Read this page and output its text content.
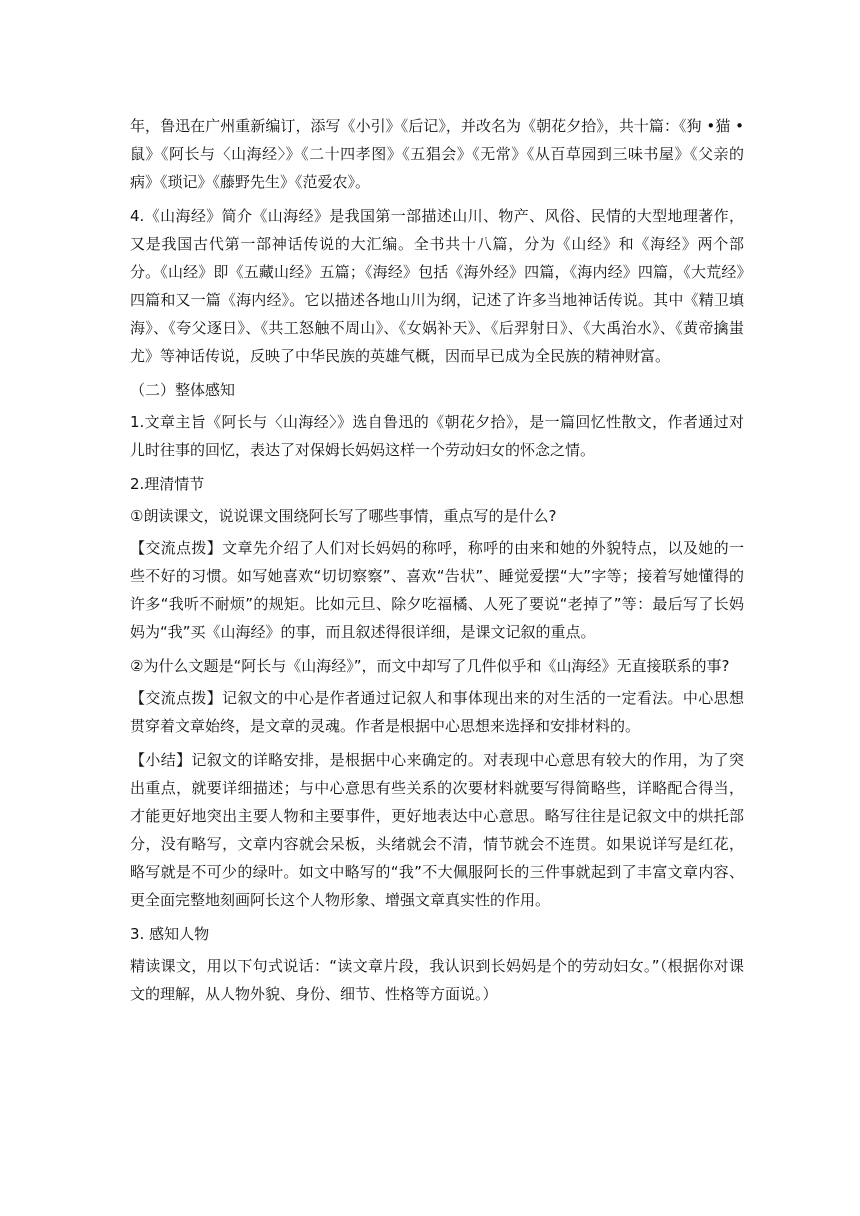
年，鲁迅在广州重新编订，添写《小引》《后记》，并改名为《朝花夕拾》，共十篇：《狗 •猫 •鼠》《阿长与〈山海经〉》《二十四孝图》《五猖会》《无常》《从百草园到三味书屋》《父亲的病》《琐记》《藤野先生》《范爱农》。

4.《山海经》简介《山海经》是我国第一部描述山川、物产、风俗、民情的大型地理著作，又是我国古代第一部神话传说的大汇编。全书共十八篇，分为《山经》和《海经》两个部分。《山经》即《五藏山经》五篇；《海经》包括《海外经》四篇，《海内经》四篇，《大荒经》四篇和又一篇《海内经》。它以描述各地山川为纲，记述了许多当地神话传说。其中《精卫填海》、《夸父逐日》、《共工怒触不周山》、《女娲补天》、《后羿射日》、《大禹治水》、《黄帝擒蚩尤》等神话传说，反映了中华民族的英雄气概，因而早已成为全民族的精神财富。

（二）整体感知

1.文章主旨《阿长与〈山海经〉》选自鲁迅的《朝花夕拾》，是一篇回忆性散文，作者通过对儿时往事的回忆，表达了对保姆长妈妈这样一个劳动妇女的怀念之情。

2.理清情节

①朗读课文，说说课文围绕阿长写了哪些事情，重点写的是什么?

【交流点拨】文章先介绍了人们对长妈妈的称呼，称呼的由来和她的外貌特点，以及她的一些不好的习惯。如写她喜欢“切切察察”、喜欢“告状”、睡觉爱摆“大”字等；接着写她懂得的许多“我听不耐烦”的规矩。比如元旦、除夕吃福橘、人死了要说“老掉了”等：最后写了长妈妈为“我”买《山海经》的事，而且叙述得很详细，是课文记叙的重点。

②为什么文题是“阿长与《山海经》”，而文中却写了几件似乎和《山海经》无直接联系的事?

【交流点拨】记叙文的中心是作者通过记叙人和事体现出来的对生活的一定看法。中心思想贯穿着文章始终，是文章的灵魂。作者是根据中心思想来选择和安排材料的。

【小结】记叙文的详略安排，是根据中心来确定的。对表现中心意思有较大的作用，为了突出重点，就要详细描述；与中心意思有些关系的次要材料就要写得简略些，详略配合得当，才能更好地突出主要人物和主要事件，更好地表达中心意思。略写往往是记叙文中的烘托部分，没有略写，文章内容就会呆板，头绪就会不清，情节就会不连贯。如果说详写是红花，略写就是不可少的绿叶。如文中略写的“我”不大佩服阿长的三件事就起到了丰富文章内容、更全面完整地刻画阿长这个人物形象、增强文章真实性的作用。

3. 感知人物

精读课文，用以下句式说话：“读文章片段，我认识到长妈妈是个的劳动妇女。”（根据你对课文的理解，从人物外貌、身份、细节、性格等方面说。）
